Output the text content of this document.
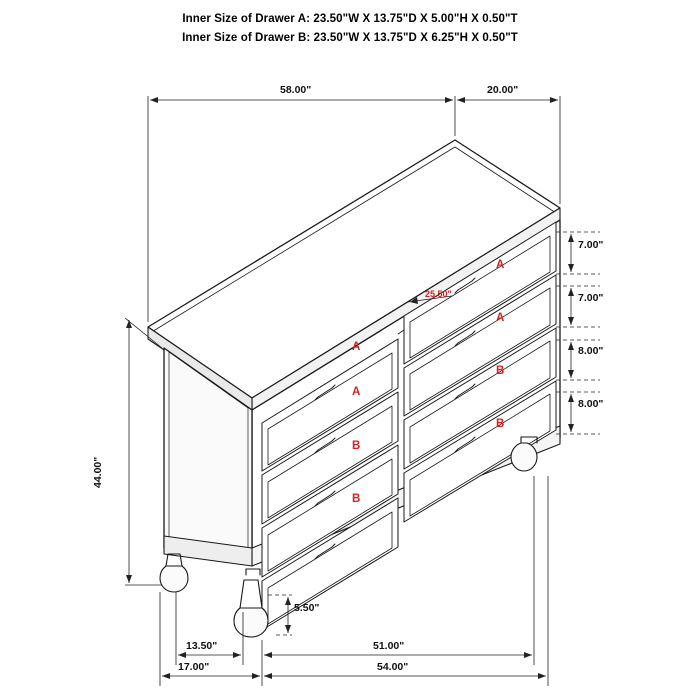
Inner Size of Drawer A: 23.50"W X 13.75"D X 5.00"H X 0.50"T
Inner Size of Drawer B: 23.50"W X 13.75"D X 6.25"H X 0.50"T
58.00"	20.00"
44.00"
7.00"
7.00"
8.00"
8.00"
25.50"
5.50"
13.50"
17.00"
51.00"
54.00"
A
A
B
B
A
A
B
B
